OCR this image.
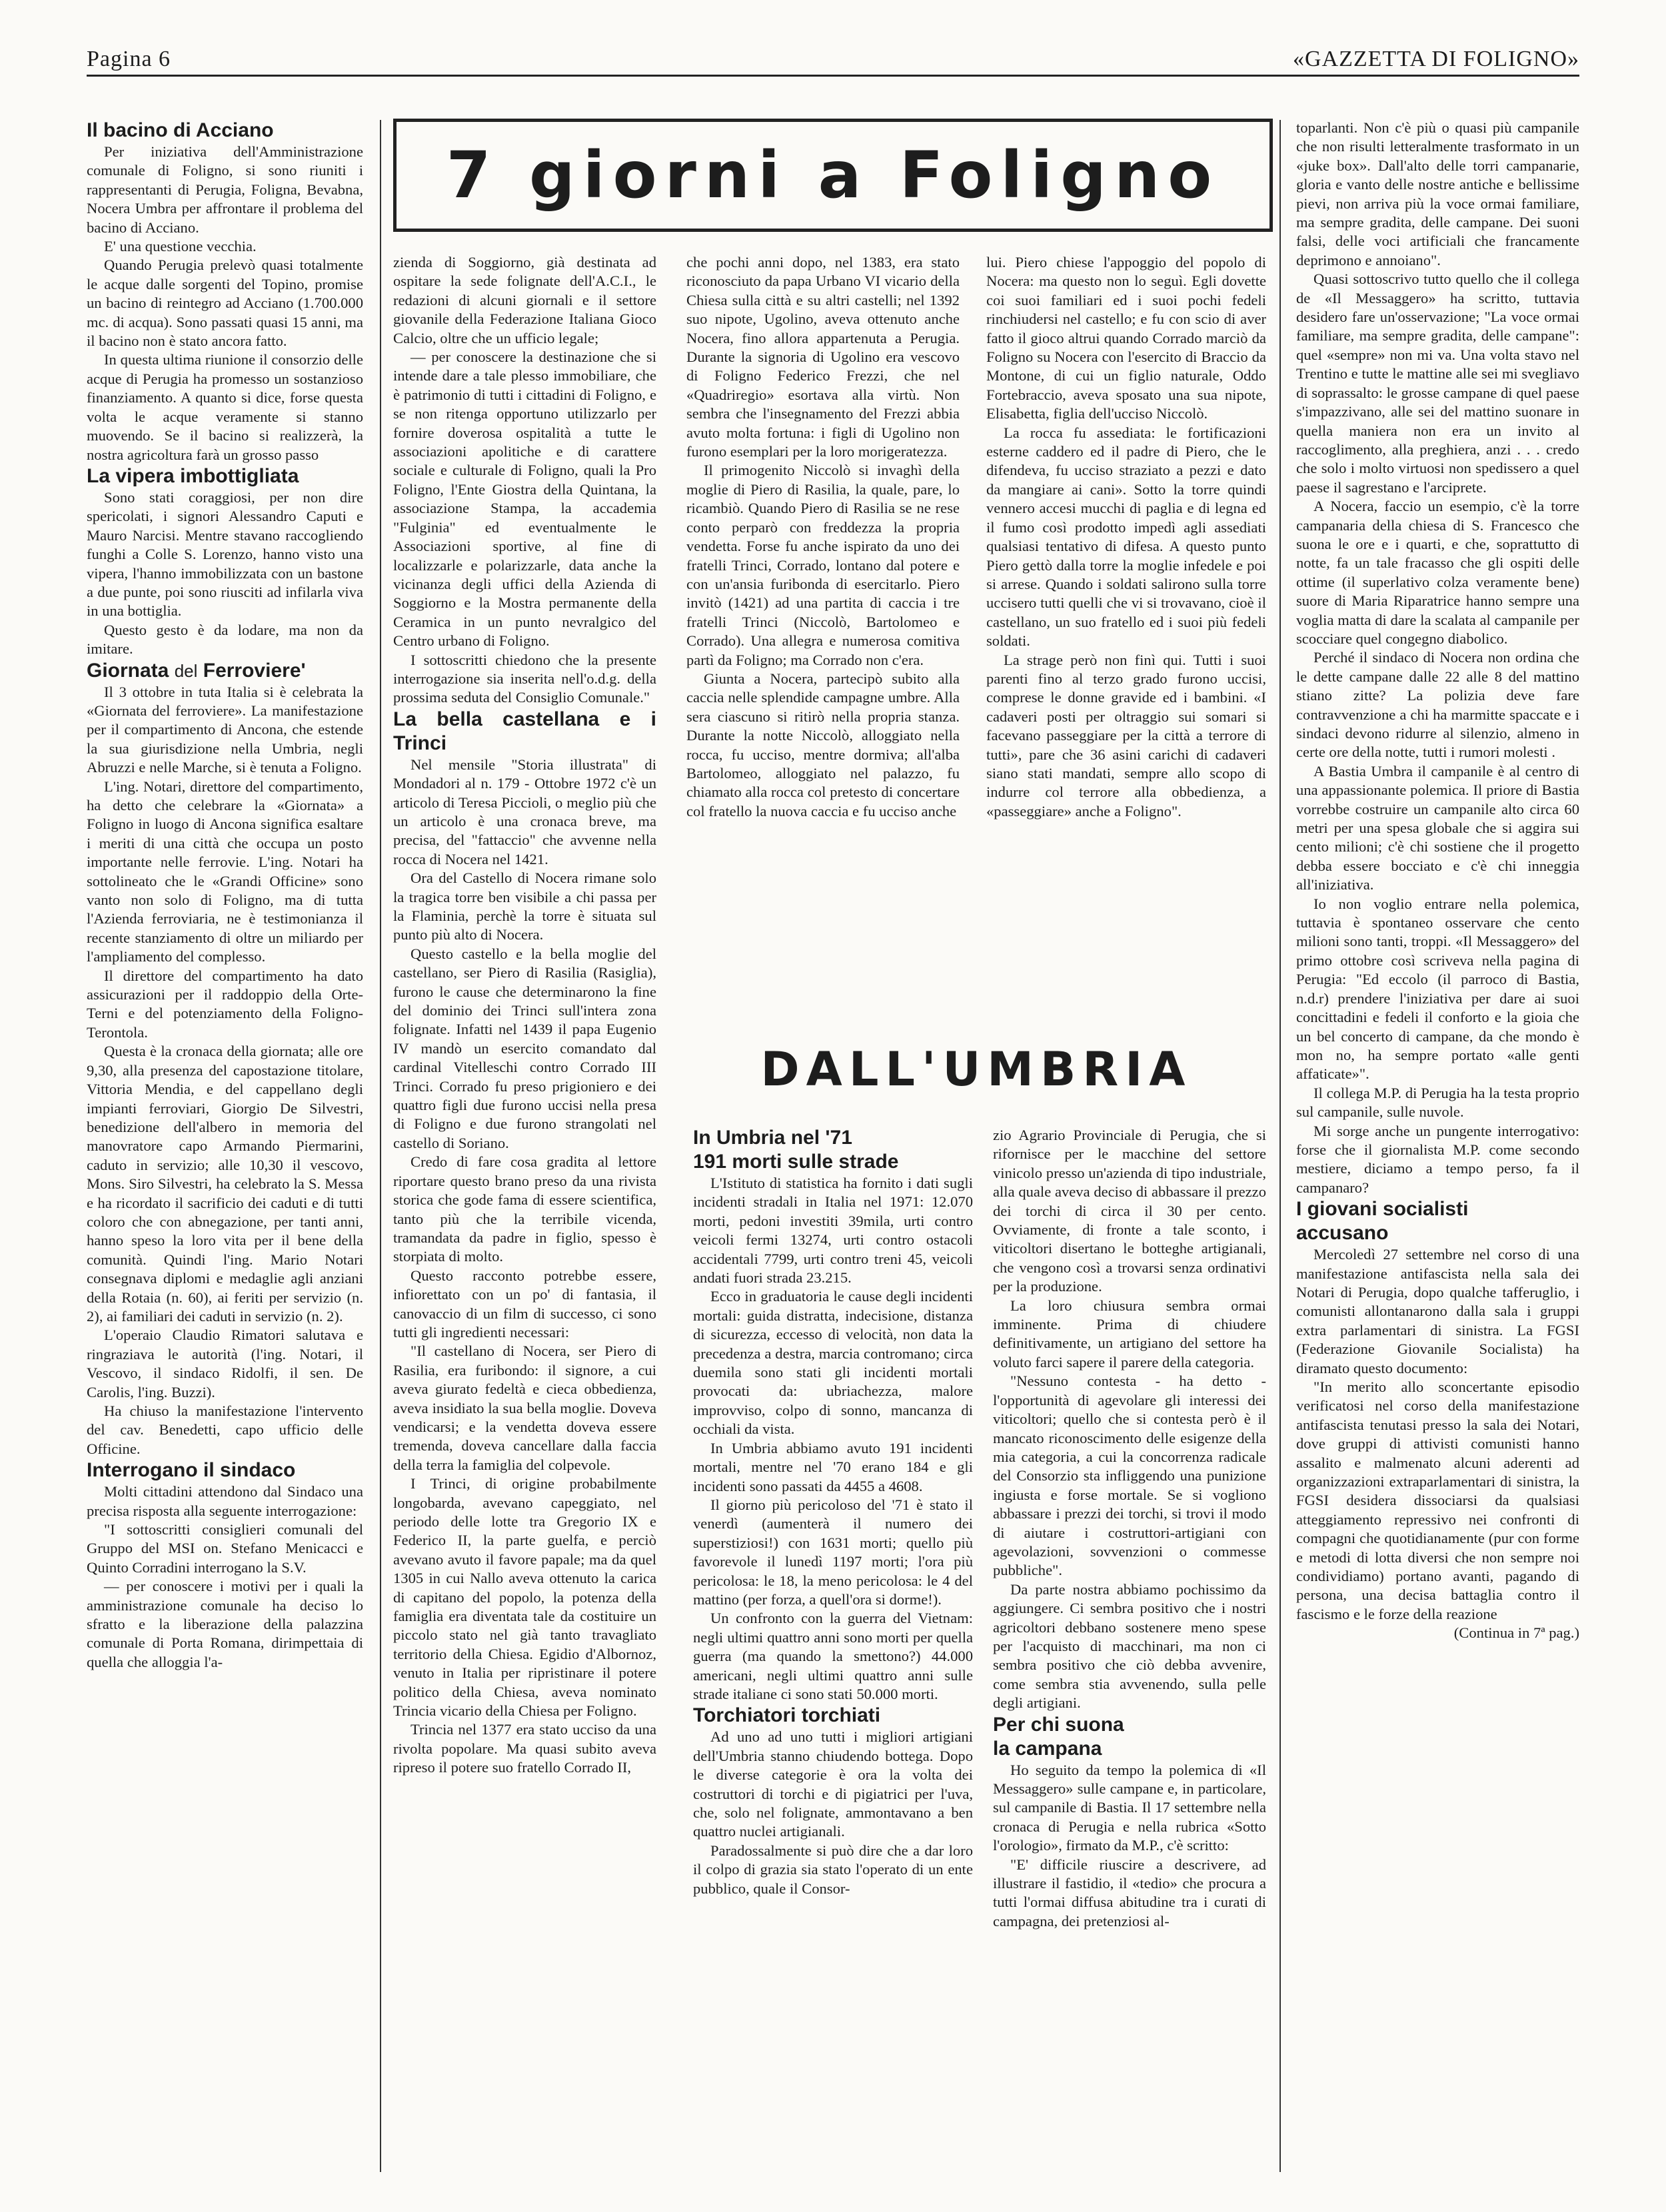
Pagina 6	«GAZZETTA DI FOLIGNO»
7 giorni a Foligno

Il bacino di Acciano

Per iniziativa dell'Amministrazione comunale di Foligno, si sono riuniti i rappresentanti di Perugia, Foligna, Bevabna, Nocera Umbra per affrontare il problema del bacino di Acciano.

E' una questione vecchia.

Quando Perugia prelevò quasi totalmente le acque dalle sorgenti del Topino, promise un bacino di reintegro ad Acciano (1.700.000 mc. di acqua). Sono passati quasi 15 anni, ma il bacino non è stato ancora fatto.

In questa ultima riunione il consorzio delle acque di Perugia ha promesso un sostanzioso finanziamento. A quanto si dice, forse questa volta le acque veramente si stanno muovendo. Se il bacino si realizzerà, la nostra agricoltura farà un grosso passo

La vipera imbottigliata

Sono stati coraggiosi, per non dire spericolati, i signori Alessandro Caputi e Mauro Narcisi. Mentre stavano raccogliendo funghi a Colle S. Lorenzo, hanno visto una vipera, l'hanno immobilizzata con un bastone a due punte, poi sono riusciti ad infilarla viva in una bottiglia.

Questo gesto è da lodare, ma non da imitare.

Giornata del Ferroviere'

Il 3 ottobre in tuta Italia si è celebrata la «Giornata del ferroviere». La manifestazione per il compartimento di Ancona, che estende la sua giurisdizione nella Umbria, negli Abruzzi e nelle Marche, si è tenuta a Foligno.

L'ing. Notari, direttore del compartimento, ha detto che celebrare la «Giornata» a Foligno in luogo di Ancona significa esaltare i meriti di una città che occupa un posto importante nelle ferrovie. L'ing. Notari ha sottolineato che le «Grandi Officine» sono vanto non solo di Foligno, ma di tutta l'Azienda ferroviaria, ne è testimonianza il recente stanziamento di oltre un miliardo per l'ampliamento del complesso.

Il direttore del compartimento ha dato assicurazioni per il raddoppio della Orte-Terni e del potenziamento della Foligno-Terontola.

Questa è la cronaca della giornata; alle ore 9,30, alla presenza del capostazione titolare, Vittoria Mendia, e del cappellano degli impianti ferroviari, Giorgio De Silvestri, benedizione dell'albero in memoria del manovratore capo Armando Piermarini, caduto in servizio; alle 10,30 il vescovo, Mons. Siro Silvestri, ha celebrato la S. Messa e ha ricordato il sacrificio dei caduti e di tutti coloro che con abnegazione, per tanti anni, hanno speso la loro vita per il bene della comunità. Quindi l'ing. Mario Notari consegnava diplomi e medaglie agli anziani della Rotaia (n. 60), ai feriti per servizio (n. 2), ai familiari dei caduti in servizio (n. 2).

L'operaio Claudio Rimatori salutava e ringraziava le autorità (l'ing. Notari, il Vescovo, il sindaco Ridolfi, il sen. De Carolis, l'ing. Buzzi).

Ha chiuso la manifestazione l'intervento del cav. Benedetti, capo ufficio delle Officine.

Interrogano il sindaco

Molti cittadini attendono dal Sindaco una precisa risposta alla seguente interrogazione:

"I sottoscritti consiglieri comunali del Gruppo del MSI on. Stefano Menicacci e Quinto Corradini interrogano la S.V.

— per conoscere i motivi per i quali la amministrazione comunale ha deciso lo sfratto e la liberazione della palazzina comunale di Porta Romana, dirimpettaia di quella che alloggia l'a-

zienda di Soggiorno, già destinata ad ospitare la sede folignate dell'A.C.I., le redazioni di alcuni giornali e il settore giovanile della Federazione Italiana Gioco Calcio, oltre che un ufficio legale;

— per conoscere la destinazione che si intende dare a tale plesso immobiliare, che è patrimonio di tutti i cittadini di Foligno, e se non ritenga opportuno utilizzarlo per fornire doverosa ospitalità a tutte le associazioni apolitiche e di carattere sociale e culturale di Foligno, quali la Pro Foligno, l'Ente Giostra della Quintana, la associazione Stampa, la accademia "Fulginia" ed eventualmente le Associazioni sportive, al fine di localizzarle e polarizzarle, data anche la vicinanza degli uffici della Azienda di Soggiorno e la Mostra permanente della Ceramica in un punto nevralgico del Centro urbano di Foligno.

I sottoscritti chiedono che la presente interrogazione sia inserita nell'o.d.g. della prossima seduta del Consiglio Comunale."

La bella castellana e i Trinci

Nel mensile "Storia illustrata" di Mondadori al n. 179 - Ottobre 1972 c'è un articolo di Teresa Piccioli, o meglio più che un articolo è una cronaca breve, ma precisa, del "fattaccio" che avvenne nella rocca di Nocera nel 1421.

Ora del Castello di Nocera rimane solo la tragica torre ben visibile a chi passa per la Flaminia, perchè la torre è situata sul punto più alto di Nocera.

Questo castello e la bella moglie del castellano, ser Piero di Rasilia (Rasiglia), furono le cause che determinarono la fine del dominio dei Trinci sull'intera zona folignate. Infatti nel 1439 il papa Eugenio IV mandò un esercito comandato dal cardinal Vitelleschi contro Corrado III Trinci. Corrado fu preso prigioniero e dei quattro figli due furono uccisi nella presa di Foligno e due furono strangolati nel castello di Soriano.

Credo di fare cosa gradita al lettore riportare questo brano preso da una rivista storica che gode fama di essere scientifica, tanto più che la terribile vicenda, tramandata da padre in figlio, spesso è storpiata di molto.

Questo racconto potrebbe essere, infiorettato con un po' di fantasia, il canovaccio di un film di successo, ci sono tutti gli ingredienti necessari:

"Il castellano di Nocera, ser Piero di Rasilia, era furibondo: il signore, a cui aveva giurato fedeltà e cieca obbedienza, aveva insidiato la sua bella moglie. Doveva vendicarsi; e la vendetta doveva essere tremenda, doveva cancellare dalla faccia della terra la famiglia del colpevole.

I Trinci, di origine probabilmente longobarda, avevano capeggiato, nel periodo delle lotte tra Gregorio IX e Federico II, la parte guelfa, e perciò avevano avuto il favore papale; ma da quel 1305 in cui Nallo aveva ottenuto la carica di capitano del popolo, la potenza della famiglia era diventata tale da costituire un piccolo stato nel già tanto travagliato territorio della Chiesa. Egidio d'Albornoz, venuto in Italia per ripristinare il potere politico della Chiesa, aveva nominato Trincia vicario della Chiesa per Foligno.

Trincia nel 1377 era stato ucciso da una rivolta popolare. Ma quasi subito aveva ripreso il potere suo fratello Corrado II,

che pochi anni dopo, nel 1383, era stato riconosciuto da papa Urbano VI vicario della Chiesa sulla città e su altri castelli; nel 1392 suo nipote, Ugolino, aveva ottenuto anche Nocera, fino allora appartenuta a Perugia. Durante la signoria di Ugolino era vescovo di Foligno Federico Frezzi, che nel «Quadriregio» esortava alla virtù. Non sembra che l'insegnamento del Frezzi abbia avuto molta fortuna: i figli di Ugolino non furono esemplari per la loro morigeratezza.

Il primogenito Niccolò si invaghì della moglie di Piero di Rasilia, la quale, pare, lo ricambiò. Quando Piero di Rasilia se ne rese conto perparò con freddezza la propria vendetta. Forse fu anche ispirato da uno dei fratelli Trinci, Corrado, lontano dal potere e con un'ansia furibonda di esercitarlo. Piero invitò (1421) ad una partita di caccia i tre fratelli Trinci (Niccolò, Bartolomeo e Corrado). Una allegra e numerosa comitiva partì da Foligno; ma Corrado non c'era.

Giunta a Nocera, partecipò subito alla caccia nelle splendide campagne umbre. Alla sera ciascuno si ritirò nella propria stanza. Durante la notte Niccolò, alloggiato nella rocca, fu ucciso, mentre dormiva; all'alba Bartolomeo, alloggiato nel palazzo, fu chiamato alla rocca col pretesto di concertare col fratello la nuova caccia e fu ucciso anche

lui. Piero chiese l'appoggio del popolo di Nocera: ma questo non lo seguì. Egli dovette coi suoi familiari ed i suoi pochi fedeli rinchiudersi nel castello; e fu con scio di aver fatto il gioco altrui quando Corrado marciò da Foligno su Nocera con l'esercito di Braccio da Montone, di cui un figlio naturale, Oddo Fortebraccio, aveva sposato una sua nipote, Elisabetta, figlia dell'ucciso Niccolò.

La rocca fu assediata: le fortificazioni esterne caddero ed il padre di Piero, che le difendeva, fu ucciso straziato a pezzi e dato da mangiare ai cani». Sotto la torre quindi vennero accesi mucchi di paglia e di legna ed il fumo così prodotto impedì agli assediati qualsiasi tentativo di difesa. A questo punto Piero gettò dalla torre la moglie infedele e poi si arrese. Quando i soldati salirono sulla torre uccisero tutti quelli che vi si trovavano, cioè il castellano, un suo fratello ed i suoi più fedeli soldati.

La strage però non finì qui. Tutti i suoi parenti fino al terzo grado furono uccisi, comprese le donne gravide ed i bambini. «I cadaveri posti per oltraggio sui somari si facevano passeggiare per la città a terrore di tutti», pare che 36 asini carichi di cadaveri siano stati mandati, sempre allo scopo di indurre col terrore alla obbedienza, a «passeggiare» anche a Foligno".

DALL'UMBRIA

In Umbria nel '71
191 morti sulle strade

L'Istituto di statistica ha fornito i dati sugli incidenti stradali in Italia nel 1971: 12.070 morti, pedoni investiti 39mila, urti contro veicoli fermi 13274, urti contro ostacoli accidentali 7799, urti contro treni 45, veicoli andati fuori strada 23.215.

Ecco in graduatoria le cause degli incidenti mortali: guida distratta, indecisione, distanza di sicurezza, eccesso di velocità, non data la precedenza a destra, marcia contromano; circa duemila sono stati gli incidenti mortali provocati da: ubriachezza, malore improvviso, colpo di sonno, mancanza di occhiali da vista.

In Umbria abbiamo avuto 191 incidenti mortali, mentre nel '70 erano 184 e gli incidenti sono passati da 4455 a 4608.

Il giorno più pericoloso del '71 è stato il venerdì (aumenterà il numero dei superstiziosi!) con 1631 morti; quello più favorevole il lunedì 1197 morti; l'ora più pericolosa: le 18, la meno pericolosa: le 4 del mattino (per forza, a quell'ora si dorme!).

Un confronto con la guerra del Vietnam: negli ultimi quattro anni sono morti per quella guerra (ma quando la smettono?) 44.000 americani, negli ultimi quattro anni sulle strade italiane ci sono stati 50.000 morti.

Torchiatori torchiati

Ad uno ad uno tutti i migliori artigiani dell'Umbria stanno chiudendo bottega. Dopo le diverse categorie è ora la volta dei costruttori di torchi e di pigiatrici per l'uva, che, solo nel folignate, ammontavano a ben quattro nuclei artigianali.

Paradossalmente si può dire che a dar loro il colpo di grazia sia stato l'operato di un ente pubblico, quale il Consor-

zio Agrario Provinciale di Perugia, che si rifornisce per le macchine del settore vinicolo presso un'azienda di tipo industriale, alla quale aveva deciso di abbassare il prezzo dei torchi di circa il 30 per cento. Ovviamente, di fronte a tale sconto, i viticoltori disertano le botteghe artigianali, che vengono così a trovarsi senza ordinativi per la produzione.

La loro chiusura sembra ormai imminente. Prima di chiudere definitivamente, un artigiano del settore ha voluto farci sapere il parere della categoria.

"Nessuno contesta - ha detto - l'opportunità di agevolare gli interessi dei viticoltori; quello che si contesta però è il mancato riconoscimento delle esigenze della mia categoria, a cui la concorrenza radicale del Consorzio sta infliggendo una punizione ingiusta e forse mortale. Se si vogliono abbassare i prezzi dei torchi, si trovi il modo di aiutare i costruttori-artigiani con agevolazioni, sovvenzioni o commesse pubbliche".

Da parte nostra abbiamo pochissimo da aggiungere. Ci sembra positivo che i nostri agricoltori debbano sostenere meno spese per l'acquisto di macchinari, ma non ci sembra positivo che ciò debba avvenire, come sembra stia avvenendo, sulla pelle degli artigiani.

Per chi suona
la campana

Ho seguito da tempo la polemica di «Il Messaggero» sulle campane e, in particolare, sul campanile di Bastia. Il 17 settembre nella cronaca di Perugia e nella rubrica «Sotto l'orologio», firmato da M.P., c'è scritto:

"E' difficile riuscire a descrivere, ad illustrare il fastidio, il «tedio» che procura a tutti l'ormai diffusa abitudine tra i curati di campagna, dei pretenziosi al-

toparlanti. Non c'è più o quasi più campanile che non risulti letteralmente trasformato in un «juke box». Dall'alto delle torri campanarie, gloria e vanto delle nostre antiche e bellissime pievi, non arriva più la voce ormai familiare, ma sempre gradita, delle campane. Dei suoni falsi, delle voci artificiali che francamente deprimono e annoiano".

Quasi sottoscrivo tutto quello che il collega de «Il Messaggero» ha scritto, tuttavia desidero fare un'osservazione; "La voce ormai familiare, ma sempre gradita, delle campane": quel «sempre» non mi va. Una volta stavo nel Trentino e tutte le mattine alle sei mi svegliavo di soprassalto: le grosse campane di quel paese s'impazzivano, alle sei del mattino suonare in quella maniera non era un invito al raccoglimento, alla preghiera, anzi . . . credo che solo i molto virtuosi non spedissero a quel paese il sagrestano e l'arciprete.

A Nocera, faccio un esempio, c'è la torre campanaria della chiesa di S. Francesco che suona le ore e i quarti, e che, soprattutto di notte, fa un tale fracasso che gli ospiti delle ottime (il superlativo colza veramente bene) suore di Maria Riparatrice hanno sempre una voglia matta di dare la scalata al campanile per scocciare quel congegno diabolico.

Perché il sindaco di Nocera non ordina che le dette campane dalle 22 alle 8 del mattino stiano zitte? La polizia deve fare contravvenzione a chi ha marmitte spaccate e i sindaci devono ridurre al silenzio, almeno in certe ore della notte, tutti i rumori molesti .

A Bastia Umbra il campanile è al centro di una appassionante polemica. Il priore di Bastia vorrebbe costruire un campanile alto circa 60 metri per una spesa globale che si aggira sui cento milioni; c'è chi sostiene che il progetto debba essere bocciato e c'è chi inneggia all'iniziativa.

Io non voglio entrare nella polemica, tuttavia è spontaneo osservare che cento milioni sono tanti, troppi. «Il Messaggero» del primo ottobre così scriveva nella pagina di Perugia: "Ed eccolo (il parroco di Bastia, n.d.r) prendere l'iniziativa per dare ai suoi concittadini e fedeli il conforto e la gioia che un bel concerto di campane, da che mondo è mon no, ha sempre portato «alle genti affaticate»".

Il collega M.P. di Perugia ha la testa proprio sul campanile, sulle nuvole.

Mi sorge anche un pungente interrogativo: forse che il giornalista M.P. come secondo mestiere, diciamo a tempo perso, fa il campanaro?

I giovani socialisti
accusano

Mercoledì 27 settembre nel corso di una manifestazione antifascista nella sala dei Notari di Perugia, dopo qualche tafferuglio, i comunisti allontanarono dalla sala i gruppi extra parlamentari di sinistra. La FGSI (Federazione Giovanile Socialista) ha diramato questo documento:

"In merito allo sconcertante episodio verificatosi nel corso della manifestazione antifascista tenutasi presso la sala dei Notari, dove gruppi di attivisti comunisti hanno assalito e malmenato alcuni aderenti ad organizzazioni extraparlamentari di sinistra, la FGSI desidera dissociarsi da qualsiasi atteggiamento repressivo nei confronti di compagni che quotidianamente (pur con forme e metodi di lotta diversi che non sempre noi condividiamo) portano avanti, pagando di persona, una decisa battaglia contro il fascismo e le forze della reazione

(Continua in 7ª pag.)
